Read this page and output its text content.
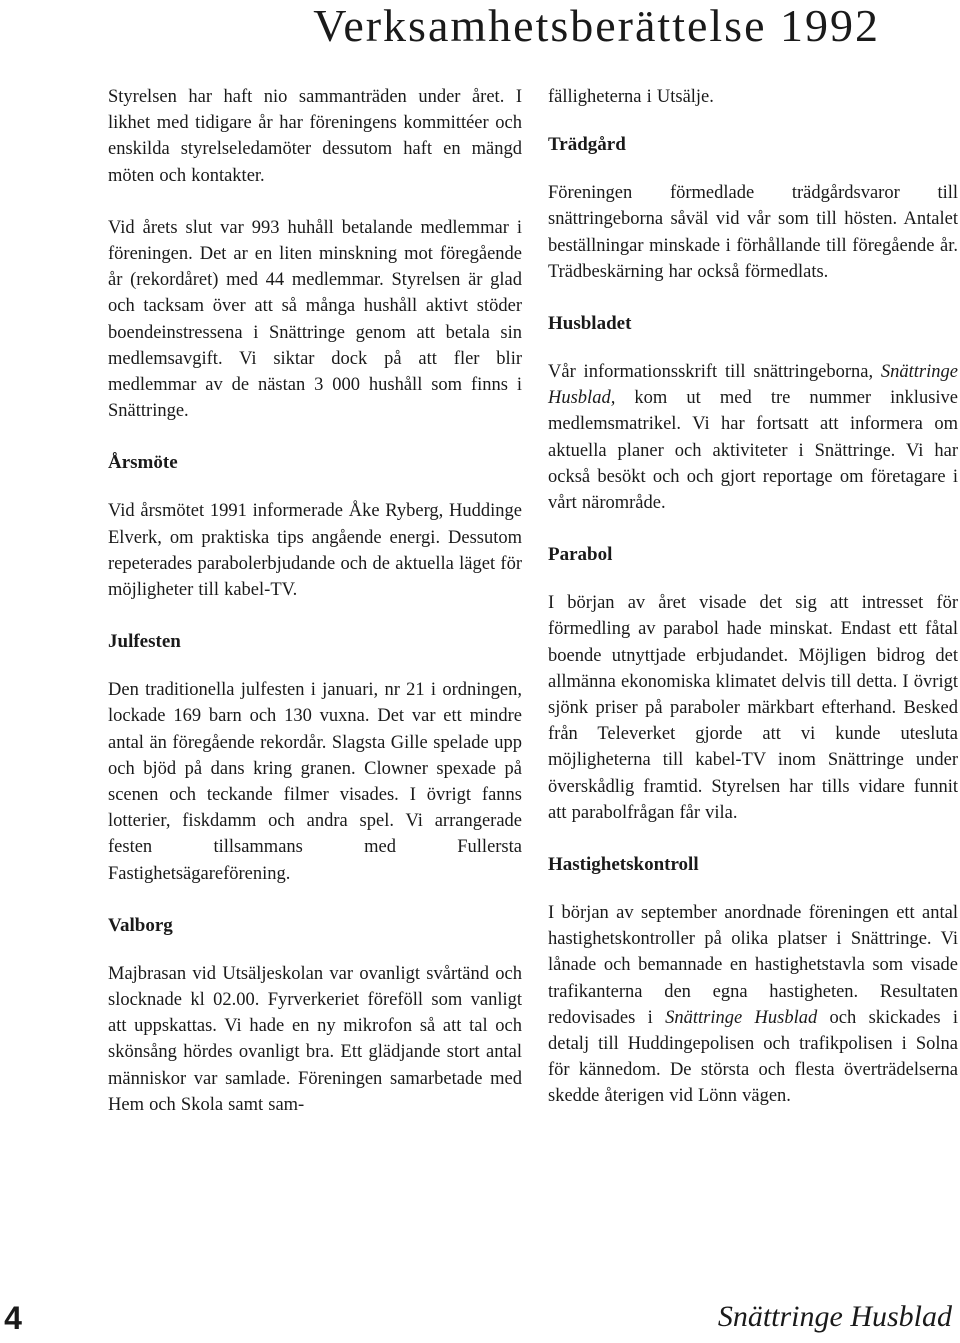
Verksamhetsberättelse 1992

Styrelsen har haft nio sammanträden under året. I likhet med tidigare år har föreningens kommittéer och enskilda styrelseledamöter dessutom haft en mängd möten och kontakter.

Vid årets slut var 993 huhåll betalande medlemmar i föreningen. Det ar en liten minskning mot föregående år (rekordåret) med 44 medlemmar. Styrelsen är glad och tacksam över att så många hushåll aktivt stöder boendeinstressena i Snättringe genom att betala sin medlemsavgift. Vi siktar dock på att fler blir medlemmar av de nästan 3 000 hushåll som finns i Snättringe.

Årsmöte

Vid årsmötet 1991 informerade Åke Ryberg, Huddinge Elverk, om praktiska tips angående energi. Dessutom repeterades parabolerbjudande och de aktuella läget för möjligheter till kabel-TV.

Julfesten

Den traditionella julfesten i januari, nr 21 i ordningen, lockade 169 barn och 130 vuxna. Det var ett mindre antal än föregående rekordår. Slagsta Gille spelade upp och bjöd på dans kring granen. Clowner spexade på scenen och teckande filmer visades. I övrigt fanns lotterier, fiskdamm och andra spel. Vi arrangerade festen tillsammans med Fullersta Fastighetsägareförening.

Valborg

Majbrasan vid Utsäljeskolan var ovanligt svårtänd och slocknade kl 02.00. Fyrverkeriet föreföll som vanligt att uppskattas. Vi hade en ny mikrofon så att tal och skönsång hördes ovanligt bra. Ett glädjande stort antal människor var samlade. Föreningen samarbetade med Hem och Skola samt sam-

fälligheterna i Utsälje.

Trädgård

Föreningen förmedlade trädgårdsvaror till snättringeborna såväl vid vår som till hösten. Antalet beställningar minskade i förhållande till föregående år. Trädbeskärning har också förmedlats.

Husbladet

Vår informationsskrift till snättringeborna, Snättringe Husblad, kom ut med tre nummer inklusive medlemsmatrikel. Vi har fortsatt att informera om aktuella planer och aktiviteter i Snättringe. Vi har också besökt och och gjort reportage om företagare i vårt närområde.

Parabol

I början av året visade det sig att intresset för förmedling av parabol hade minskat. Endast ett fåtal boende utnyttjade erbjudandet. Möjligen bidrog det allmänna ekonomiska klimatet delvis till detta. I övrigt sjönk priser på paraboler märkbart efterhand. Besked från Televerket gjorde att vi kunde utesluta möjligheterna till kabel-TV inom Snättringe under överskådlig framtid. Styrelsen har tills vidare funnit att parabolfrågan får vila.

Hastighetskontroll

I början av september anordnade föreningen ett antal hastighetskontroller på olika platser i Snättringe. Vi lånade och bemannade en hastighetstavla som visade trafikanterna den egna hastigheten. Resultaten redovisades i Snättringe Husblad och skickades i detalj till Huddingepolisen och trafikpolisen i Solna för kännedom. De största och flesta överträdelserna skedde återigen vid Lönn vägen.

4	Snättringe Husblad
